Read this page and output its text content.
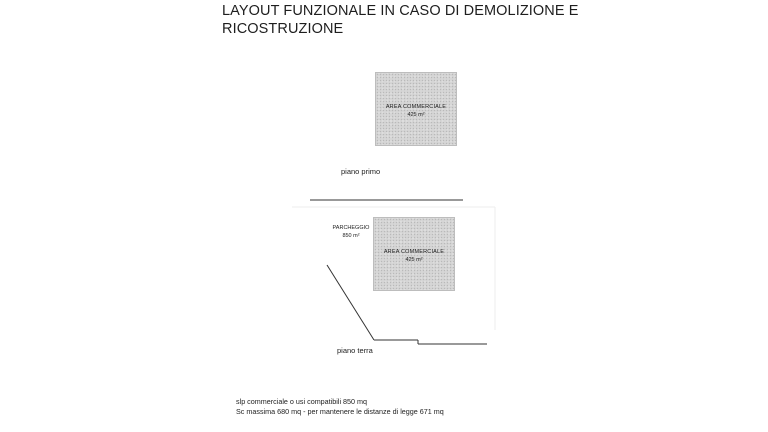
LAYOUT FUNZIONALE IN CASO DI DEMOLIZIONE E
RICOSTRUZIONE
AREA COMMERCIALE
425 m²
piano primo
PARCHEGGIO
850 m²
AREA COMMERCIALE
425 m²
piano terra
slp commerciale o usi compatibili 850 mq
Sc massima 680 mq - per mantenere le distanze di legge 671 mq
